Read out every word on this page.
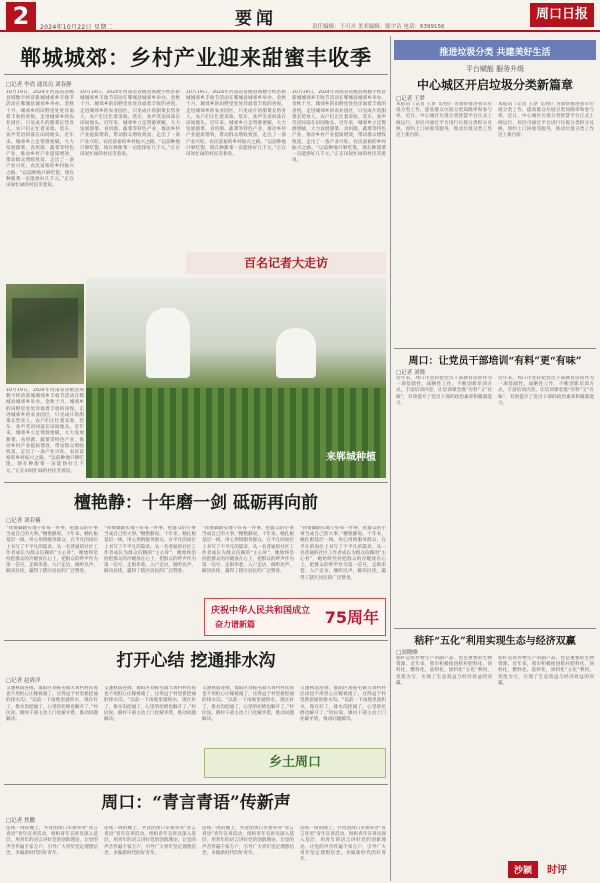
2	2024年10月22日 星期二	要闻	责任编辑：王可卉 美术编辑：陈宇洁 电话：6399156
周口日报
郸城城郊：乡村产业迎来甜蜜丰收季
□记者 李尚 通讯员 刘春静
10月19日，2024年河南省省级县域数字经济新城城郊乡丰收节活动在郸城县城郊乡举办。金秋十月，城郊乡的田野里处处洋溢着丰收的喜悦。走进城郊乡的农业园区，只见成片的甜菜长势喜人，农户们正忙着采收、装车，欢声笑语回荡在田间地头。近年来，城郊乡立足资源禀赋，大力发展甜菜、食用菌、蔬菜等特色产业，推动乡村产业提质增效，带动群众增收致富，走出了一条产业兴旺、农民富裕的乡村振兴之路。“以前种地只够吃饱，现在种甜菜一亩能挣好几千元。”正在田间忙碌的村民笑着说。
10月19日，2024年河南省省级县域数字经济新城城郊乡丰收节活动在郸城县城郊乡举办。金秋十月，城郊乡的田野里处处洋溢着丰收的喜悦。走进城郊乡的农业园区，只见成片的甜菜长势喜人，农户们正忙着采收、装车，欢声笑语回荡在田间地头。近年来，城郊乡立足资源禀赋，大力发展甜菜、食用菌、蔬菜等特色产业，推动乡村产业提质增效，带动群众增收致富，走出了一条产业兴旺、农民富裕的乡村振兴之路。“以前种地只够吃饱，现在种甜菜一亩能挣好几千元。”正在田间忙碌的村民笑着说。
10月19日，2024年河南省省级县域数字经济新城城郊乡丰收节活动在郸城县城郊乡举办。金秋十月，城郊乡的田野里处处洋溢着丰收的喜悦。走进城郊乡的农业园区，只见成片的甜菜长势喜人，农户们正忙着采收、装车，欢声笑语回荡在田间地头。近年来，城郊乡立足资源禀赋，大力发展甜菜、食用菌、蔬菜等特色产业，推动乡村产业提质增效，带动群众增收致富，走出了一条产业兴旺、农民富裕的乡村振兴之路。“以前种地只够吃饱，现在种甜菜一亩能挣好几千元。”正在田间忙碌的村民笑着说。
10月19日，2024年河南省省级县域数字经济新城城郊乡丰收节活动在郸城县城郊乡举办。金秋十月，城郊乡的田野里处处洋溢着丰收的喜悦。走进城郊乡的农业园区，只见成片的甜菜长势喜人，农户们正忙着采收、装车，欢声笑语回荡在田间地头。近年来，城郊乡立足资源禀赋，大力发展甜菜、食用菌、蔬菜等特色产业，推动乡村产业提质增效，带动群众增收致富，走出了一条产业兴旺、农民富裕的乡村振兴之路。“以前种地只够吃饱，现在种甜菜一亩能挣好几千元。”正在田间忙碌的村民笑着说。
百名记者大走访
来郸城种植
10月19日，2024年河南省省级县域数字经济新城城郊乡丰收节活动在郸城县城郊乡举办。金秋十月，城郊乡的田野里处处洋溢着丰收的喜悦。走进城郊乡的农业园区，只见成片的甜菜长势喜人，农户们正忙着采收、装车，欢声笑语回荡在田间地头。近年来，城郊乡立足资源禀赋，大力发展甜菜、食用菌、蔬菜等特色产业，推动乡村产业提质增效，带动群众增收致富，走出了一条产业兴旺、农民富裕的乡村振兴之路。“以前种地只够吃饱，现在种甜菜一亩能挣好几千元。”正在田间忙碌的村民笑着说。
檀艳静：十年磨一剑 砥砺再向前
□记者 刘若楠
“我要脚踏实地干好每一件事，把群众的小事当成自己的大事。”檀艳静说。十年来，她扎根基层一线，用心用情服务群众，在平凡的岗位上书写了不平凡的篇章。从一名普通的社区工作者成长为群众信赖的“主心骨”，她始终坚持把群众的冷暖放在心上，把群众的呼声作为第一信号，走街串巷、入户走访，倾听民声、解决民忧，赢得了辖区居民的广泛赞誉。
“我要脚踏实地干好每一件事，把群众的小事当成自己的大事。”檀艳静说。十年来，她扎根基层一线，用心用情服务群众，在平凡的岗位上书写了不平凡的篇章。从一名普通的社区工作者成长为群众信赖的“主心骨”，她始终坚持把群众的冷暖放在心上，把群众的呼声作为第一信号，走街串巷、入户走访，倾听民声、解决民忧，赢得了辖区居民的广泛赞誉。
“我要脚踏实地干好每一件事，把群众的小事当成自己的大事。”檀艳静说。十年来，她扎根基层一线，用心用情服务群众，在平凡的岗位上书写了不平凡的篇章。从一名普通的社区工作者成长为群众信赖的“主心骨”，她始终坚持把群众的冷暖放在心上，把群众的呼声作为第一信号，走街串巷、入户走访，倾听民声、解决民忧，赢得了辖区居民的广泛赞誉。
“我要脚踏实地干好每一件事，把群众的小事当成自己的大事。”檀艳静说。十年来，她扎根基层一线，用心用情服务群众，在平凡的岗位上书写了不平凡的篇章。从一名普通的社区工作者成长为群众信赖的“主心骨”，她始终坚持把群众的冷暖放在心上，把群众的呼声作为第一信号，走街串巷、入户走访，倾听民声、解决民忧，赢得了辖区居民的广泛赞誉。
庆祝中华人民共和国成立
奋力谱新篇	75周年
打开心结 挖通排水沟
□记者 赵洛洋
又逢秋雨连绵，淮阳区刘振屯镇大黄村村民再也不用担心庄稼被淹了。这得益于村里新挖通的排水沟。“以前一下雨地里就积水，现在好了，排水沟挖通了，心里的疙瘩也解开了。”村民说。镇村干部主动上门化解矛盾，推动问题解决。
又逢秋雨连绵，淮阳区刘振屯镇大黄村村民再也不用担心庄稼被淹了。这得益于村里新挖通的排水沟。“以前一下雨地里就积水，现在好了，排水沟挖通了，心里的疙瘩也解开了。”村民说。镇村干部主动上门化解矛盾，推动问题解决。
又逢秋雨连绵，淮阳区刘振屯镇大黄村村民再也不用担心庄稼被淹了。这得益于村里新挖通的排水沟。“以前一下雨地里就积水，现在好了，排水沟挖通了，心里的疙瘩也解开了。”村民说。镇村干部主动上门化解矛盾，推动问题解决。
又逢秋雨连绵，淮阳区刘振屯镇大黄村村民再也不用担心庄稼被淹了。这得益于村里新挖通的排水沟。“以前一下雨地里就积水，现在好了，排水沟挖通了，心里的疙瘩也解开了。”村民说。镇村干部主动上门化解矛盾，推动问题解决。
乡土周口
周口：“青言青语”传新声
□记者 焦鹏
连续一周的晚上，共青团周口市委举办“青言青语”青年宣讲活动，组织青年宣讲员深入基层，用青年的语言讲好党的创新理论，让党的声音传遍千家万户，引导广大青年坚定理想信念，争做新时代的好青年。
连续一周的晚上，共青团周口市委举办“青言青语”青年宣讲活动，组织青年宣讲员深入基层，用青年的语言讲好党的创新理论，让党的声音传遍千家万户，引导广大青年坚定理想信念，争做新时代的好青年。
连续一周的晚上，共青团周口市委举办“青言青语”青年宣讲活动，组织青年宣讲员深入基层，用青年的语言讲好党的创新理论，让党的声音传遍千家万户，引导广大青年坚定理想信念，争做新时代的好青年。
连续一周的晚上，共青团周口市委举办“青言青语”青年宣讲活动，组织青年宣讲员深入基层，用青年的语言讲好党的创新理论，让党的声音传遍千家万户，引导广大青年坚定理想信念，争做新时代的好青年。
推进垃圾分类 共建美好生活
平台赋能 服务升级
中心城区开启垃圾分类新篇章
□记者 王梦
本报讯（记者 王梦 文/图）为加快推进我市垃圾分类工作，提高群众垃圾分类知晓率和参与率，近日，中心城区垃圾分类智慧平台正式上线运行，居民可通过平台进行垃圾分类积分兑换、预约上门回收等服务，推动垃圾分类工作迈上新台阶。
本报讯（记者 王梦 文/图）为加快推进我市垃圾分类工作，提高群众垃圾分类知晓率和参与率，近日，中心城区垃圾分类智慧平台正式上线运行，居民可通过平台进行垃圾分类积分兑换、预约上门回收等服务，推动垃圾分类工作迈上新台阶。
周口：让党员干部培训“有料”更“有味”
□记者 刘晓
近年来，周口市坚持把党员干部教育培训作为一项基础性、战略性工作，不断创新培训方式，丰富培训内容，让培训课堂既“有料”又“有味”，有效提升了党员干部的政治素养和履职能力。
近年来，周口市坚持把党员干部教育培训作为一项基础性、战略性工作，不断创新培训方式，丰富培训内容，让培训课堂既“有料”又“有味”，有效提升了党员干部的政治素养和履职能力。
秸秆“五化”利用实现生态与经济双赢
□刘晓峰
秸秆是农作物生产的副产品，也是重要的生物资源。近年来，我市积极推进秸秆肥料化、饲料化、燃料化、基料化、原料化“五化”利用，变废为宝，实现了生态效益与经济效益的双赢。
秸秆是农作物生产的副产品，也是重要的生物资源。近年来，我市积极推进秸秆肥料化、饲料化、燃料化、基料化、原料化“五化”利用，变废为宝，实现了生态效益与经济效益的双赢。
沙颍 时评
